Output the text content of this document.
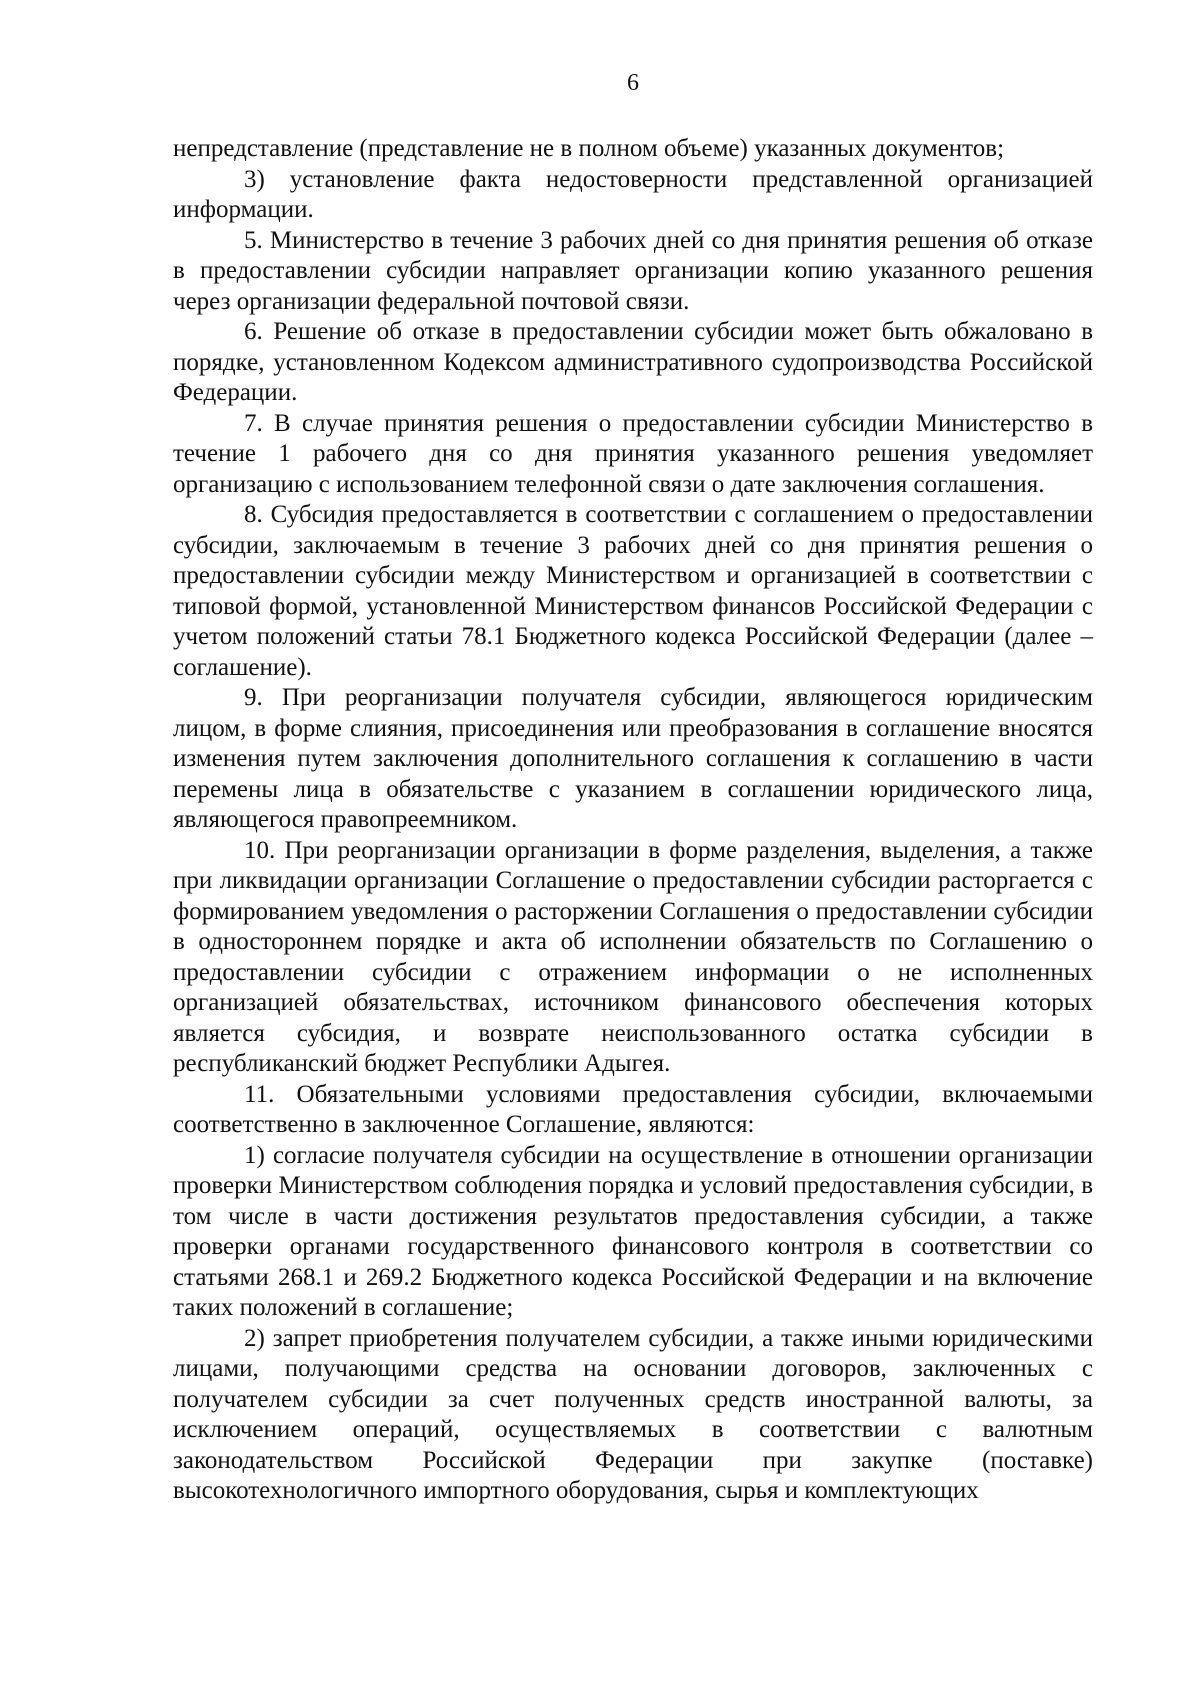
6

непредставление (представление не в полном объеме) указанных документов;

3) установление факта недостоверности представленной организацией информации.

5. Министерство в течение 3 рабочих дней со дня принятия решения об отказе в предоставлении субсидии направляет организации копию указанного решения через организации федеральной почтовой связи.

6. Решение об отказе в предоставлении субсидии может быть обжаловано в порядке, установленном Кодексом административного судопроизводства Российской Федерации.

7. В случае принятия решения о предоставлении субсидии Министерство в течение 1 рабочего дня со дня принятия указанного решения уведомляет организацию с использованием телефонной связи о дате заключения соглашения.

8. Субсидия предоставляется в соответствии с соглашением о предоставлении субсидии, заключаемым в течение 3 рабочих дней со дня принятия решения о предоставлении субсидии между Министерством и организацией в соответствии с типовой формой, установленной Министерством финансов Российской Федерации с учетом положений статьи 78.1 Бюджетного кодекса Российской Федерации (далее – соглашение).

9. При реорганизации получателя субсидии, являющегося юридическим лицом, в форме слияния, присоединения или преобразования в соглашение вносятся изменения путем заключения дополнительного соглашения к соглашению в части перемены лица в обязательстве с указанием в соглашении юридического лица, являющегося правопреемником.

10. При реорганизации организации в форме разделения, выделения, а также при ликвидации организации Соглашение о предоставлении субсидии расторгается с формированием уведомления о расторжении Соглашения о предоставлении субсидии в одностороннем порядке и акта об исполнении обязательств по Соглашению о предоставлении субсидии с отражением информации о не исполненных организацией обязательствах, источником финансового обеспечения которых является субсидия, и возврате неиспользованного остатка субсидии в республиканский бюджет Республики Адыгея.

11. Обязательными условиями предоставления субсидии, включаемыми соответственно в заключенное Соглашение, являются:

1) согласие получателя субсидии на осуществление в отношении организации проверки Министерством соблюдения порядка и условий предоставления субсидии, в том числе в части достижения результатов предоставления субсидии, а также проверки органами государственного финансового контроля в соответствии со статьями 268.1 и 269.2 Бюджетного кодекса Российской Федерации и на включение таких положений в соглашение;

2) запрет приобретения получателем субсидии, а также иными юридическими лицами, получающими средства на основании договоров, заключенных с получателем субсидии за счет полученных средств иностранной валюты, за исключением операций, осуществляемых в соответствии с валютным законодательством Российской Федерации при закупке (поставке) высокотехнологичного импортного оборудования, сырья и комплектующих
